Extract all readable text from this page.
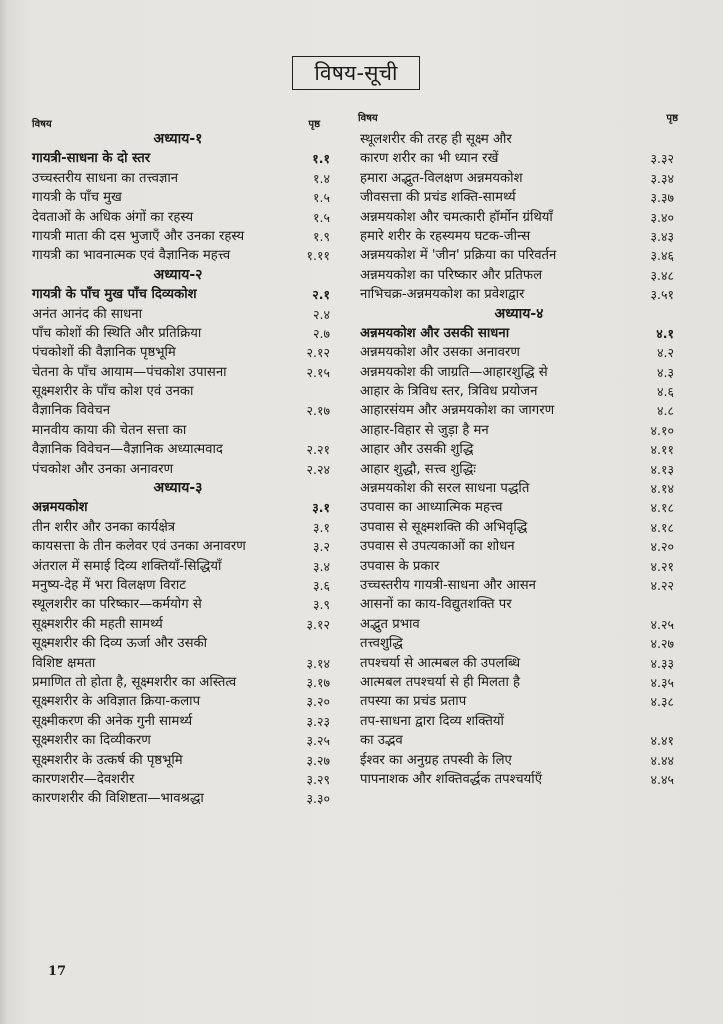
विषय-सूची
विषय	पृष्ठ
अध्याय-१
गायत्री-साधना के दो स्तर	१.१
उच्चस्तरीय साधना का तत्त्वज्ञान	१.४
गायत्री के पाँच मुख	१.५
देवताओं के अधिक अंगों का रहस्य	१.५
गायत्री माता की दस भुजाएँ और उनका रहस्य	१.९
गायत्री का भावनात्मक एवं वैज्ञानिक महत्त्व	१.११
अध्याय-२
गायत्री के पाँच मुख पाँच दिव्यकोश	२.१
अनंत आनंद की साधना	२.४
पाँच कोशों की स्थिति और प्रतिक्रिया	२.७
पंचकोशों की वैज्ञानिक पृष्ठभूमि	२.१२
चेतना के पाँच आयाम—पंचकोश उपासना	२.१५
सूक्ष्मशरीर के पाँच कोश एवं उनका
वैज्ञानिक विवेचन	२.१७
मानवीय काया की चेतन सत्ता का
वैज्ञानिक विवेचन—वैज्ञानिक अध्यात्मवाद	२.२१
पंचकोश और उनका अनावरण	२.२४
अध्याय-३
अन्नमयकोश	३.१
तीन शरीर और उनका कार्यक्षेत्र	३.१
कायसत्ता के तीन कलेवर एवं उनका अनावरण	३.२
अंतराल में समाई दिव्य शक्तियाँ-सिद्धियाँ	३.४
मनुष्य-देह में भरा विलक्षण विराट	३.६
स्थूलशरीर का परिष्कार—कर्मयोग से	३.९
सूक्ष्मशरीर की महती सामर्थ्य	३.१२
सूक्ष्मशरीर की दिव्य ऊर्जा और उसकी
विशिष्ट क्षमता	३.१४
प्रमाणित तो होता है, सूक्ष्मशरीर का अस्तित्व	३.१७
सूक्ष्मशरीर के अविज्ञात क्रिया-कलाप	३.२०
सूक्ष्मीकरण की अनेक गुनी सामर्थ्य	३.२३
सूक्ष्मशरीर का दिव्यीकरण	३.२५
सूक्ष्मशरीर के उत्कर्ष की पृष्ठभूमि	३.२७
कारणशरीर—देवशरीर	३.२९
कारणशरीर की विशिष्टता—भावश्रद्धा	३.३०
विषय	पृष्ठ
स्थूलशरीर की तरह ही सूक्ष्म और
कारण शरीर का भी ध्यान रखें	३.३२
हमारा अद्भुत-विलक्षण अन्नमयकोश	३.३४
जीवसत्ता की प्रचंड शक्ति-सामर्थ्य	३.३७
अन्नमयकोश और चमत्कारी हॉर्मोन ग्रंथियाँ	३.४०
हमारे शरीर के रहस्यमय घटक-जीन्स	३.४३
अन्नमयकोश में 'जीन' प्रक्रिया का परिवर्तन	३.४६
अन्नमयकोश का परिष्कार और प्रतिफल	३.४८
नाभिचक्र-अन्नमयकोश का प्रवेशद्वार	३.५१
अध्याय-४
अन्नमयकोश और उसकी साधना	४.१
अन्नमयकोश और उसका अनावरण	४.२
अन्नमयकोश की जाग्रति—आहारशुद्धि से	४.३
आहार के त्रिविध स्तर, त्रिविध प्रयोजन	४.६
आहारसंयम और अन्नमयकोश का जागरण	४.८
आहार-विहार से जुड़ा है मन	४.१०
आहार और उसकी शुद्धि	४.११
आहार शुद्धौ, सत्त्व शुद्धिः	४.१३
अन्नमयकोश की सरल साधना पद्धति	४.१४
उपवास का आध्यात्मिक महत्त्व	४.१८
उपवास से सूक्ष्मशक्ति की अभिवृद्धि	४.१८
उपवास से उपत्यकाओं का शोधन	४.२०
उपवास के प्रकार	४.२१
उच्चस्तरीय गायत्री-साधना और आसन	४.२२
आसनों का काय-विद्युतशक्ति पर
अद्भुत प्रभाव	४.२५
तत्त्वशुद्धि	४.२७
तपश्चर्या से आत्मबल की उपलब्धि	४.३३
आत्मबल तपश्चर्या से ही मिलता है	४.३५
तपस्या का प्रचंड प्रताप	४.३८
तप-साधना द्वारा दिव्य शक्तियों
का उद्भव	४.४१
ईश्वर का अनुग्रह तपस्वी के लिए	४.४४
पापनाशक और शक्तिवर्द्धक तपश्चर्याएँ	४.४५
17
